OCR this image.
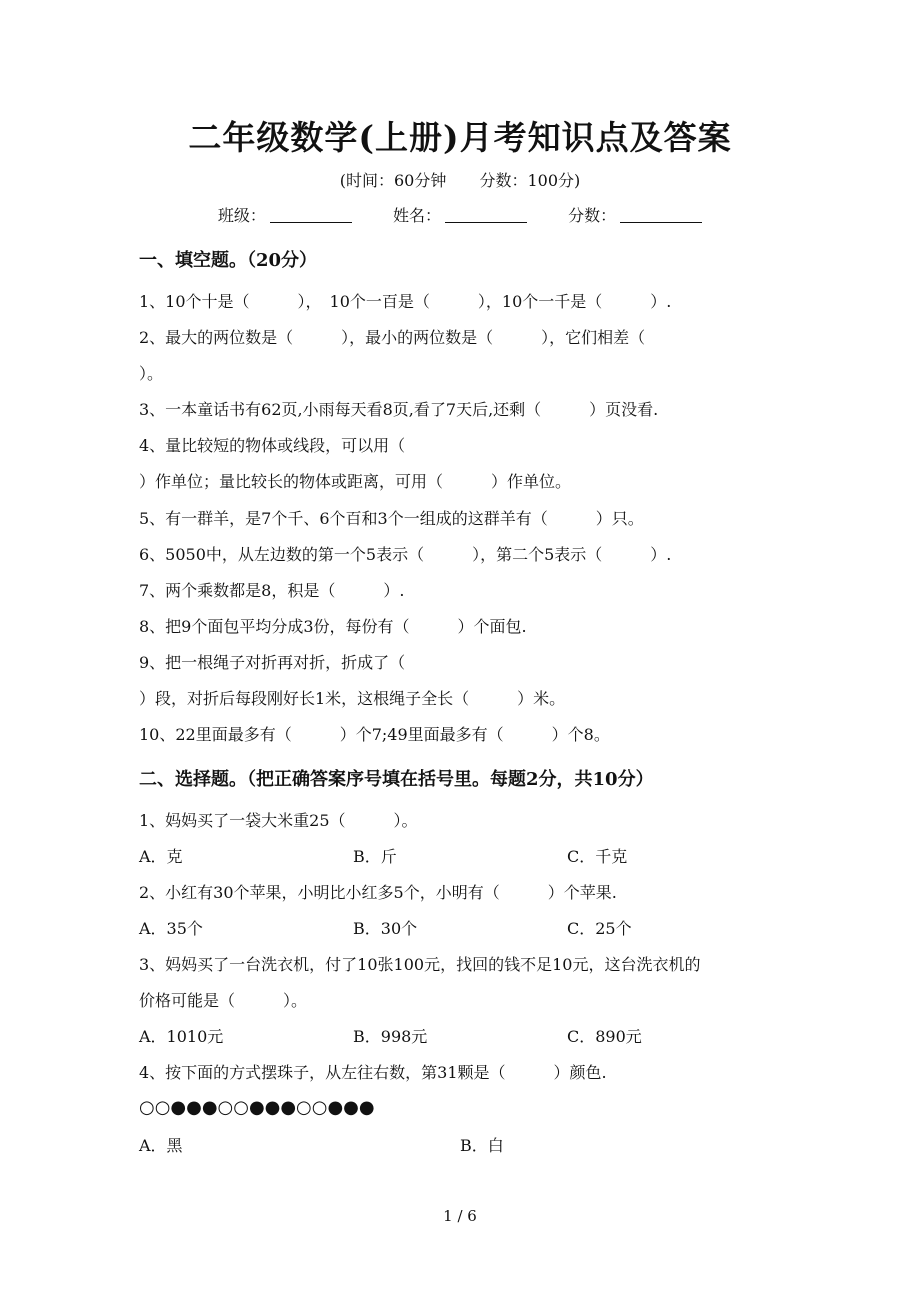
二年级数学(上册)月考知识点及答案
(时间：60分钟 分数：100分)
班级：	姓名：	分数：
一、填空题。（20分）
1、10个十是（　　　），　10个一百是（　　　），10个一千是（　　　）.
2、最大的两位数是（　　　），最小的两位数是（　　　），它们相差（
）。
3、一本童话书有62页,小雨每天看8页,看了7天后,还剩（　　　）页没看.
4、量比较短的物体或线段，可以用（
）作单位；量比较长的物体或距离，可用（　　　）作单位。
5、有一群羊，是7个千、6个百和3个一组成的这群羊有（　　　）只。
6、5050中，从左边数的第一个5表示（　　　），第二个5表示（　　　）.
7、两个乘数都是8，积是（　　　）.
8、把9个面包平均分成3份，每份有（　　　）个面包.
9、把一根绳子对折再对折，折成了（
）段，对折后每段刚好长1米，这根绳子全长（　　　）米。
10、22里面最多有（　　　）个7;49里面最多有（　　　）个8。
二、选择题。（把正确答案序号填在括号里。每题2分，共10分）
1、妈妈买了一袋大米重25（　　　）。
A．克	B．斤	C．千克
2、小红有30个苹果，小明比小红多5个，小明有（　　　）个苹果.
A．35个	B．30个	C．25个
3、妈妈买了一台洗衣机，付了10张100元，找回的钱不足10元，这台洗衣机的
价格可能是（　　　）。
A．1010元	B．998元	C．890元
4、按下面的方式摆珠子，从左往右数，第31颗是（　　　）颜色.
○○●●●○○●●●○○●●●
A．黑	B．白
1 / 6
